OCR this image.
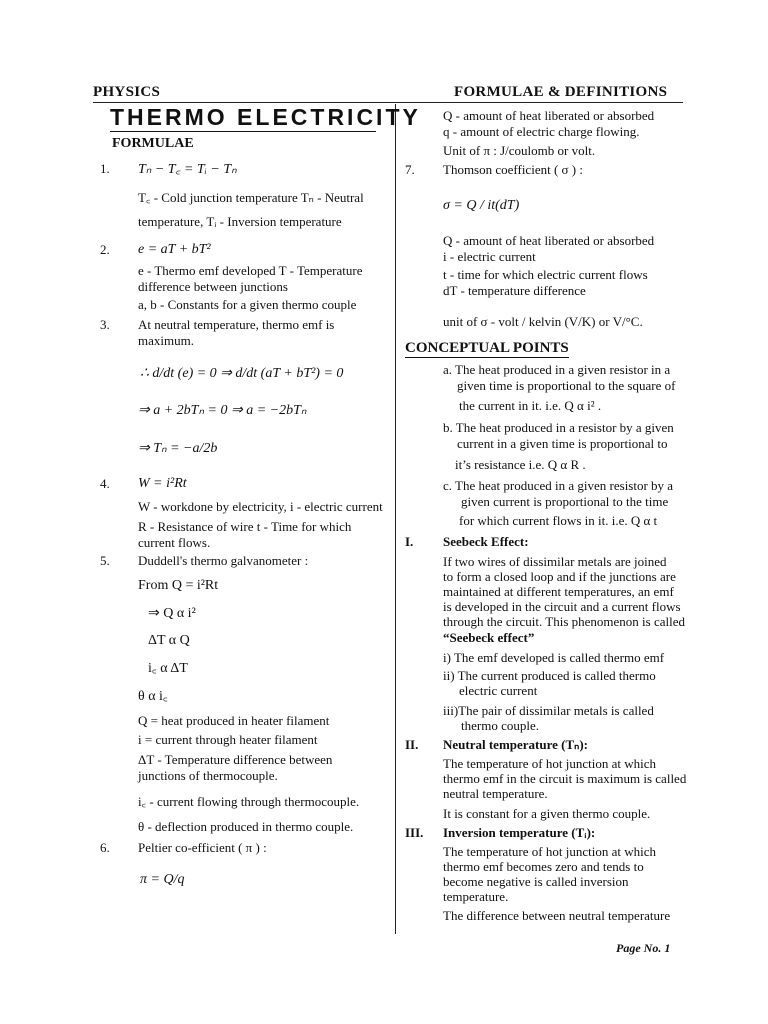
PHYSICS	FORMULAE & DEFINITIONS
THERMO ELECTRICITY
FORMULAE
1. Tₙ − T꜀ = Tᵢ − Tₙ
T꜀ - Cold junction temperature Tₙ - Neutral
temperature, Tᵢ - Inversion temperature
2. e = aT + bT²
e - Thermo emf developed T - Temperature
difference between junctions
a, b - Constants for a given thermo couple
3. At neutral temperature, thermo emf is
maximum.
∴ d/dt (e) = 0 ⇒ d/dt (aT + bT²) = 0
⇒ a + 2bTₙ = 0 ⇒ a = −2bTₙ
⇒ Tₙ = −a/2b
4. W = i²Rt
W - workdone by electricity, i - electric current
R - Resistance of wire t - Time for which
current flows.
5. Duddell's thermo galvanometer :
From Q = i²Rt
⇒ Q α i²
ΔT α Q
i꜀ α ΔT
θ α i꜀
Q = heat produced in heater filament
i = current through heater filament
ΔT - Temperature difference between
junctions of thermocouple.
i꜀ - current flowing through thermocouple.
θ - deflection produced in thermo couple.
6. Peltier co-efficient ( π ) :
π = Q/q
Q - amount of heat liberated or absorbed
q - amount of electric charge flowing.
Unit of π : J/coulomb or volt.
7. Thomson coefficient ( σ ) :
σ = Q / it(dT)
Q - amount of heat liberated or absorbed
i - electric current
t - time for which electric current flows
dT - temperature difference
unit of σ - volt / kelvin (V/K) or V/°C.
CONCEPTUAL POINTS
a. The heat produced in a given resistor in a
given time is proportional to the square of
the current in it. i.e. Q α i² .
b. The heat produced in a resistor by a given
current in a given time is proportional to
it’s resistance i.e. Q α R .
c. The heat produced in a given resistor by a
given current is proportional to the time
for which current flows in it. i.e. Q α t
I. Seebeck Effect:
If two wires of dissimilar metals are joined
to form a closed loop and if the junctions are
maintained at different temperatures, an emf
is developed in the circuit and a current flows
through the circuit. This phenomenon is called
“Seebeck effect”
i) The emf developed is called thermo emf
ii) The current produced is called thermo
electric current
iii)The pair of dissimilar metals is called
thermo couple.
II. Neutral temperature (Tₙ):
The temperature of hot junction at which
thermo emf in the circuit is maximum is called
neutral temperature.
It is constant for a given thermo couple.
III. Inversion temperature (Tᵢ):
The temperature of hot junction at which
thermo emf becomes zero and tends to
become negative is called inversion
temperature.
The difference between neutral temperature
Page No. 1
